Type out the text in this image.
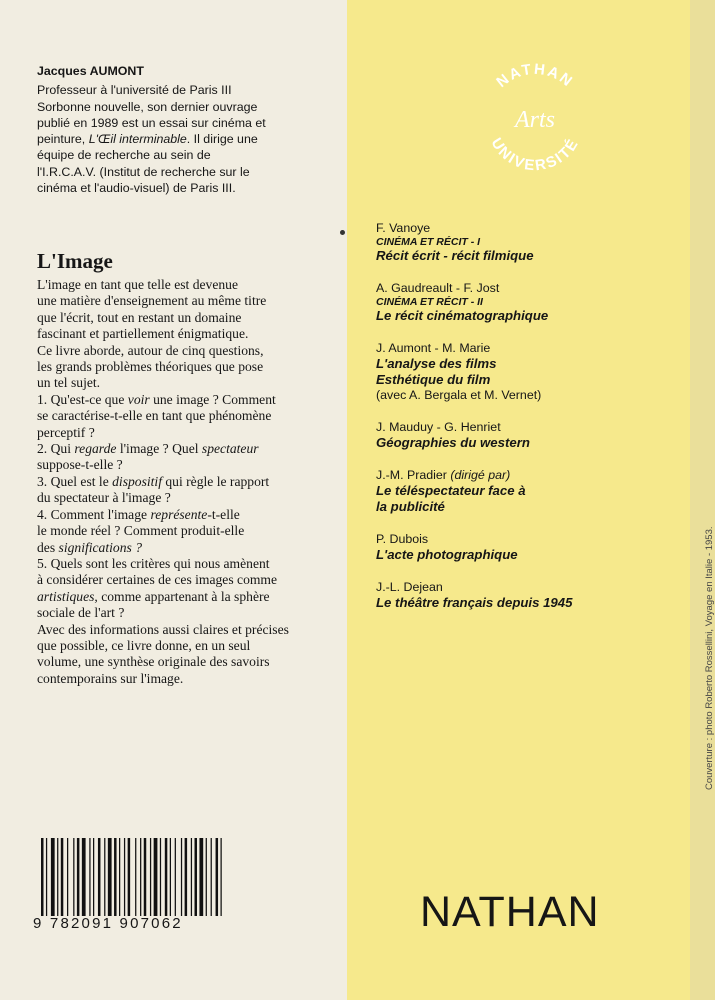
Jacques AUMONT

Professeur à l'université de Paris III

Sorbonne nouvelle, son dernier ouvrage

publié en 1989 est un essai sur cinéma et

peinture, L'Œil interminable. Il dirige une

équipe de recherche au sein de

l'I.R.C.A.V. (Institut de recherche sur le

cinéma et l'audio-visuel) de Paris III.

L'Image

L'image en tant que telle est devenue

une matière d'enseignement au même titre

que l'écrit, tout en restant un domaine

fascinant et partiellement énigmatique.

Ce livre aborde, autour de cinq questions,

les grands problèmes théoriques que pose

un tel sujet.

1. Qu'est-ce que voir une image ? Comment

se caractérise-t-elle en tant que phénomène

perceptif ?

2. Qui regarde l'image ? Quel spectateur

suppose-t-elle ?

3. Quel est le dispositif qui règle le rapport

du spectateur à l'image ?

4. Comment l'image représente-t-elle

le monde réel ? Comment produit-elle

des significations ?

5. Quels sont les critères qui nous amènent

à considérer certaines de ces images comme

artistiques, comme appartenant à la sphère

sociale de l'art ?

Avec des informations aussi claires et précises

que possible, ce livre donne, en un seul

volume, une synthèse originale des savoirs

contemporains sur l'image.

9 782091 907062
NATHAN
UNIVERSITÉ
Arts
F. Vanoye
CINÉMA ET RÉCIT - I
Récit écrit - récit filmique
A. Gaudreault - F. Jost
CINÉMA ET RÉCIT - II
Le récit cinématographique
J. Aumont - M. Marie
L'analyse des films
Esthétique du film
(avec A. Bergala et M. Vernet)
J. Mauduy - G. Henriet
Géographies du western
J.-M. Pradier (dirigé par)
Le téléspectateur face à
la publicité
P. Dubois
L'acte photographique
J.-L. Dejean
Le théâtre français depuis 1945
NATHAN
Couverture : photo Roberto Rossellini, Voyage en Italie - 1953.
